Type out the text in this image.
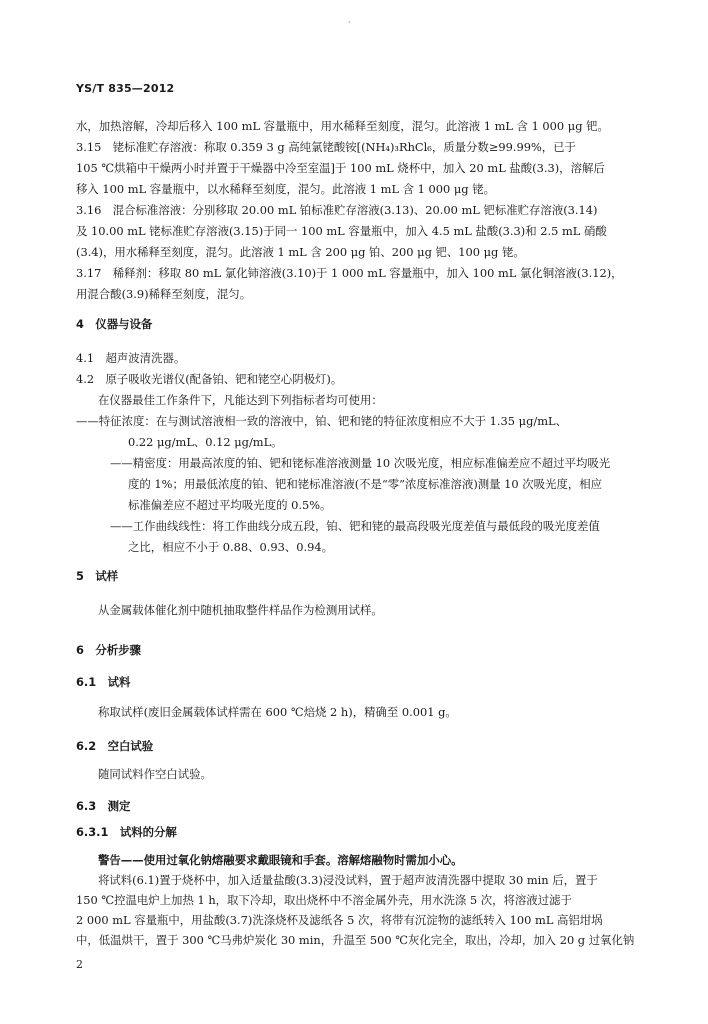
·
YS/T 835—2012
水，加热溶解，冷却后移入 100 mL 容量瓶中，用水稀释至刻度，混匀。此溶液 1 mL 含 1 000 μg 钯。
3.15　铑标准贮存溶液：称取 0.359 3 g 高纯氯铑酸铵[(NH₄)₃RhCl₆，质量分数≥99.99%，已于
105 ℃烘箱中干燥两小时并置于干燥器中冷至室温]于 100 mL 烧杯中，加入 20 mL 盐酸(3.3)，溶解后
移入 100 mL 容量瓶中，以水稀释至刻度，混匀。此溶液 1 mL 含 1 000 μg 铑。
3.16　混合标准溶液：分别移取 20.00 mL 铂标准贮存溶液(3.13)、20.00 mL 钯标准贮存溶液(3.14)
及 10.00 mL 铑标准贮存溶液(3.15)于同一 100 mL 容量瓶中，加入 4.5 mL 盐酸(3.3)和 2.5 mL 硝酸
(3.4)，用水稀释至刻度，混匀。此溶液 1 mL 含 200 μg 铂、200 μg 钯、100 μg 铑。
3.17　稀释剂：移取 80 mL 氯化铈溶液(3.10)于 1 000 mL 容量瓶中，加入 100 mL 氯化铜溶液(3.12)，
用混合酸(3.9)稀释至刻度，混匀。
4　仪器与设备
4.1　超声波清洗器。
4.2　原子吸收光谱仪(配备铂、钯和铑空心阴极灯)。
在仪器最佳工作条件下，凡能达到下列指标者均可使用：
——特征浓度：在与测试溶液相一致的溶液中，铂、钯和铑的特征浓度相应不大于 1.35 μg/mL、
0.22 μg/mL、0.12 μg/mL。
——精密度：用最高浓度的铂、钯和铑标准溶液测量 10 次吸光度，相应标准偏差应不超过平均吸光
度的 1%；用最低浓度的铂、钯和铑标准溶液(不是“零”浓度标准溶液)测量 10 次吸光度，相应
标准偏差应不超过平均吸光度的 0.5%。
——工作曲线线性：将工作曲线分成五段，铂、钯和铑的最高段吸光度差值与最低段的吸光度差值
之比，相应不小于 0.88、0.93、0.94。
5　试样
从金属载体催化剂中随机抽取整件样品作为检测用试样。
6　分析步骤
6.1　试料
称取试样(废旧金属载体试样需在 600 ℃焙烧 2 h)，精确至 0.001 g。
6.2　空白试验
随同试料作空白试验。
6.3　测定
6.3.1　试料的分解
警告——使用过氧化钠熔融要求戴眼镜和手套。溶解熔融物时需加小心。
将试料(6.1)置于烧杯中，加入适量盐酸(3.3)浸没试料，置于超声波清洗器中提取 30 min 后，置于
150 ℃控温电炉上加热 1 h，取下冷却，取出烧杯中不溶金属外壳，用水洗涤 5 次，将溶液过滤于
2 000 mL 容量瓶中，用盐酸(3.7)洗涤烧杯及滤纸各 5 次，将带有沉淀物的滤纸转入 100 mL 高铝坩埚
中，低温烘干，置于 300 ℃马弗炉炭化 30 min，升温至 500 ℃灰化完全，取出，冷却，加入 20 g 过氧化钠
2
